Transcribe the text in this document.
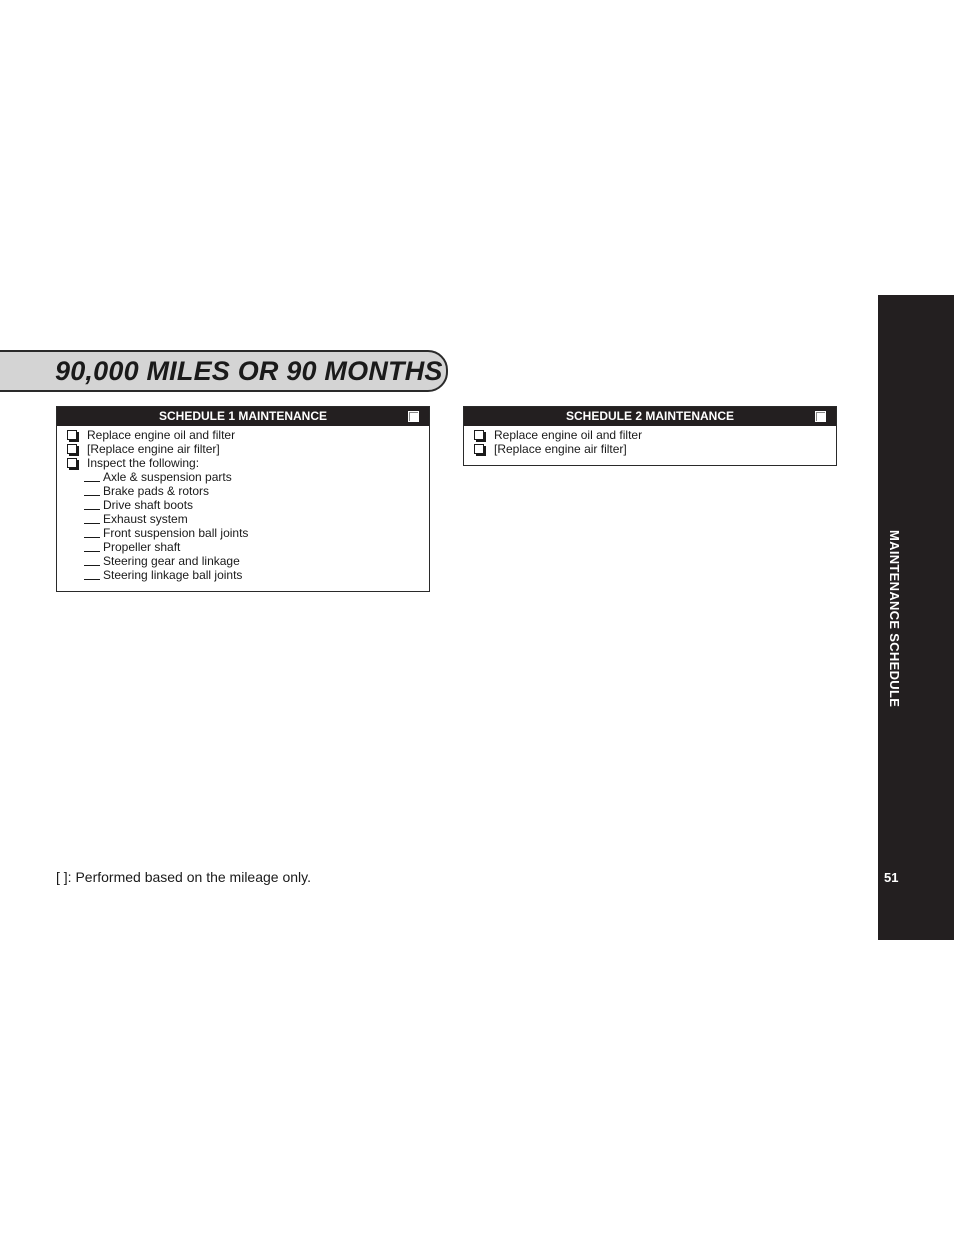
90,000 MILES OR 90 MONTHS
SCHEDULE 1 MAINTENANCE
Replace engine oil and filter
[Replace engine air filter]
Inspect the following:
Axle & suspension parts
Brake pads & rotors
Drive shaft boots
Exhaust system
Front suspension ball joints
Propeller shaft
Steering gear and linkage
Steering linkage ball joints
SCHEDULE 2 MAINTENANCE
Replace engine oil and filter
[Replace engine air filter]
[ ]: Performed based on the mileage only.
MAINTENANCE SCHEDULE
51
